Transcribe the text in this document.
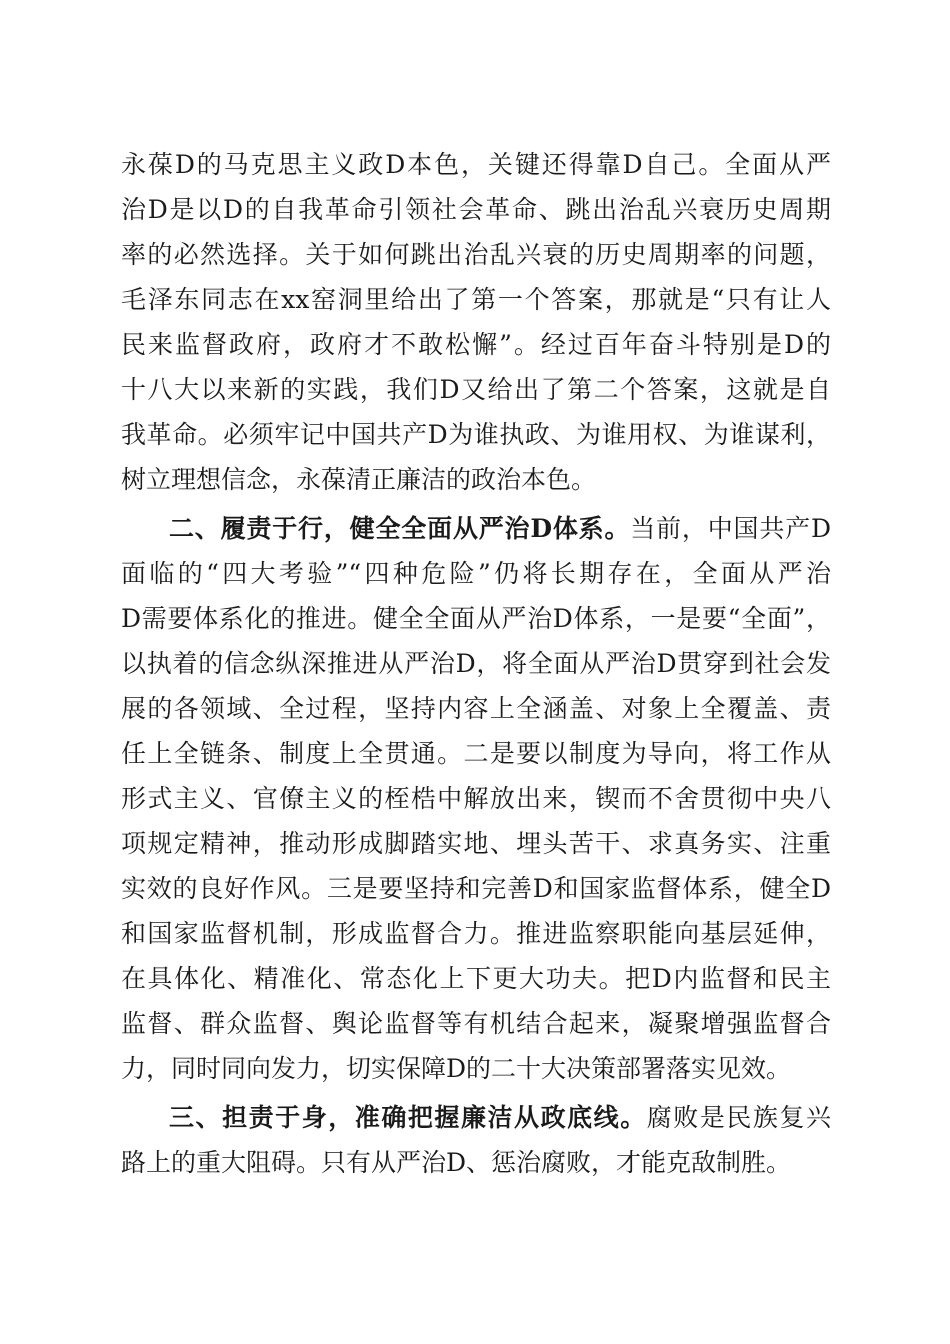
永葆D的马克思主义政D本色，关键还得靠D自己。全面从严
治D是以D的自我革命引领社会革命、跳出治乱兴衰历史周期
率的必然选择。关于如何跳出治乱兴衰的历史周期率的问题，
毛泽东同志在xx窑洞里给出了第一个答案，那就是“只有让人
民来监督政府，政府才不敢松懈”。经过百年奋斗特别是D的
十八大以来新的实践，我们D又给出了第二个答案，这就是自
我革命。必须牢记中国共产D为谁执政、为谁用权、为谁谋利，
树立理想信念，永葆清正廉洁的政治本色。
二、履责于行，健全全面从严治D体系。当前，中国共产D
面临的“四大考验”“四种危险”仍将长期存在，全面从严治
D需要体系化的推进。健全全面从严治D体系，一是要“全面”，
以执着的信念纵深推进从严治D，将全面从严治D贯穿到社会发
展的各领域、全过程，坚持内容上全涵盖、对象上全覆盖、责
任上全链条、制度上全贯通。二是要以制度为导向，将工作从
形式主义、官僚主义的桎梏中解放出来，锲而不舍贯彻中央八
项规定精神，推动形成脚踏实地、埋头苦干、求真务实、注重
实效的良好作风。三是要坚持和完善D和国家监督体系，健全D
和国家监督机制，形成监督合力。推进监察职能向基层延伸，
在具体化、精准化、常态化上下更大功夫。把D内监督和民主
监督、群众监督、舆论监督等有机结合起来，凝聚增强监督合
力，同时同向发力，切实保障D的二十大决策部署落实见效。
三、担责于身，准确把握廉洁从政底线。腐败是民族复兴
路上的重大阻碍。只有从严治D、惩治腐败，才能克敌制胜。
